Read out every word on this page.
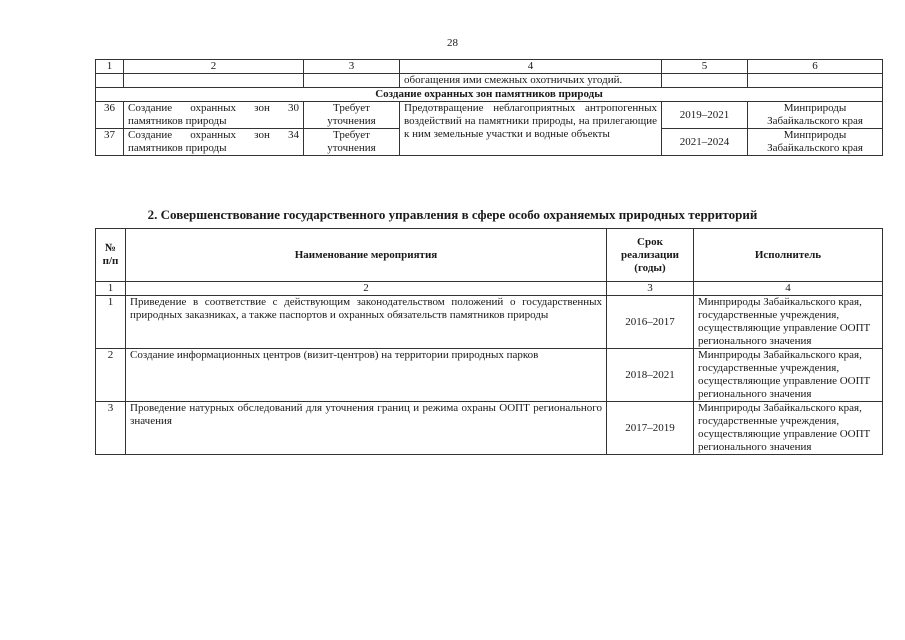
28
1	2	3	4	5	6
			обогащения ими смежных охотничьих угодий.		
Создание охранных зон памятников природы					
36	Создание охранных зон 30 памятников природы	Требует уточнения	Предотвращение неблагоприятных антропогенных воздействий на памятники природы, на прилегающие к ним земельные участки и водные объекты	2019–2021	Минприроды Забайкальского края
37	Создание охранных зон 34 памятников природы	Требует уточнения		2021–2024	Минприроды Забайкальского края
2. Совершенствование государственного управления в сфере особо охраняемых природных территорий
№ п/п	Наименование мероприятия	Срок реализации (годы)	Исполнитель
1	2	3	4
1	Приведение в соответствие с действующим законодательством положений о государственных природных заказниках, а также паспортов и охранных обязательств памятников природы	2016–2017	Минприроды Забайкальского края, государственные учреждения, осуществляющие управление ООПТ регионального значения
2	Создание информационных центров (визит-центров) на территории природных парков	2018–2021	Минприроды Забайкальского края, государственные учреждения, осуществляющие управление ООПТ регионального значения
3	Проведение натурных обследований для уточнения границ и режима охраны ООПТ регионального значения	2017–2019	Минприроды Забайкальского края, государственные учреждения, осуществляющие управление ООПТ регионального значения
